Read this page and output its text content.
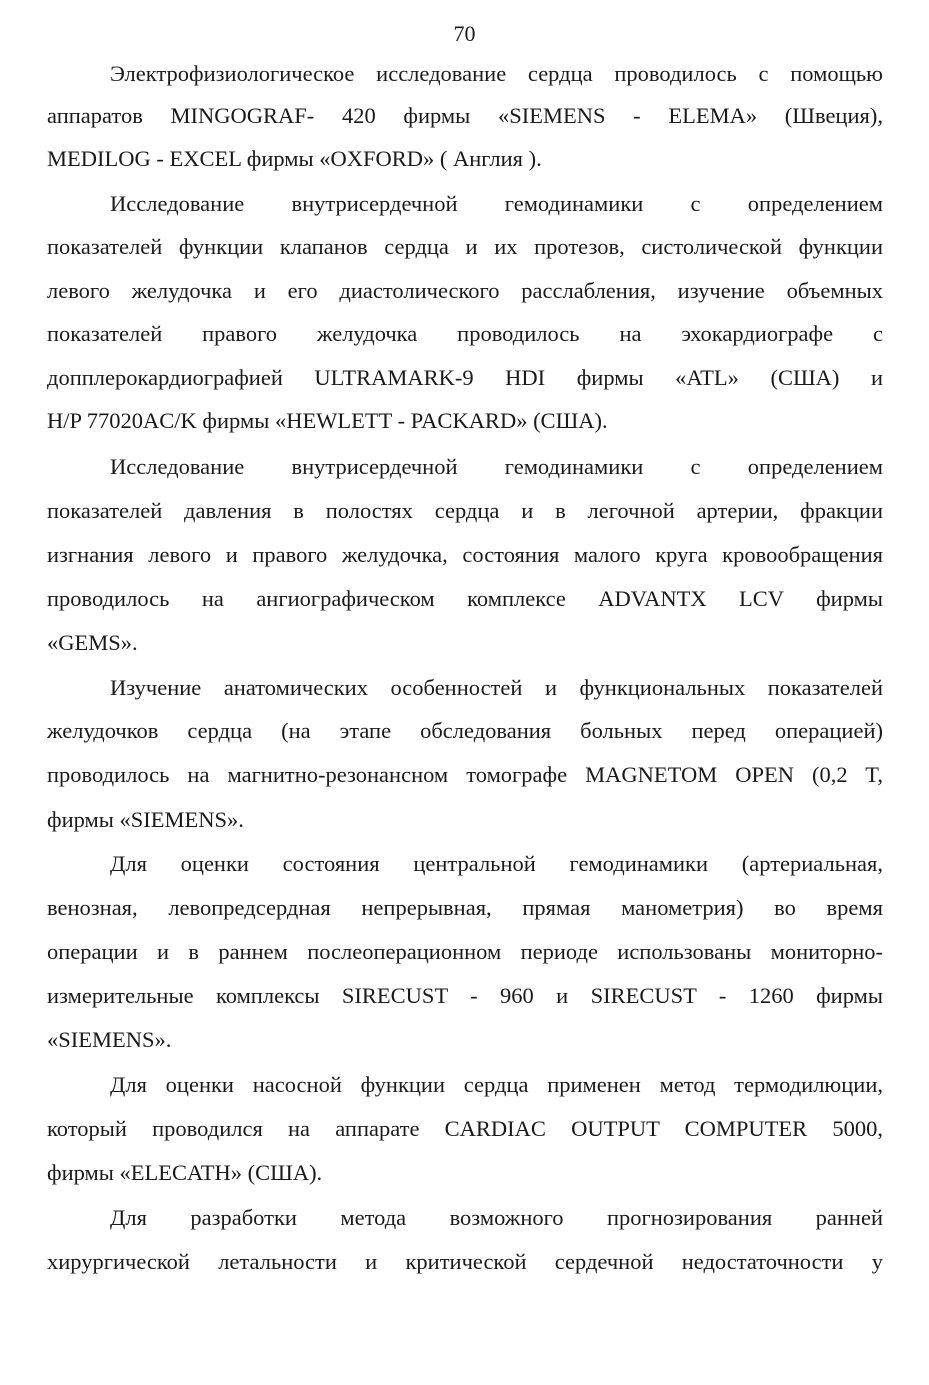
70
Электрофизиологическое исследование сердца проводилось с помощью
аппаратов MINGOGRAF- 420 фирмы «SIEMENS - ELEMA» (Швеция),
MEDILOG - EXCEL фирмы «OXFORD» ( Англия ).
Исследование внутрисердечной гемодинамики с определением
показателей функции клапанов сердца и их протезов, систолической функции
левого желудочка и его диастолического расслабления, изучение объемных
показателей правого желудочка проводилось на эхокардиографе с
допплерокардиографией ULTRAMARK-9 HDI фирмы «ATL» (США) и
H/P 77020AC/K фирмы «HEWLETT - PACKARD» (США).
Исследование внутрисердечной гемодинамики с определением
показателей давления в полостях сердца и в легочной артерии, фракции
изгнания левого и правого желудочка, состояния малого круга кровообращения
проводилось на ангиографическом комплексе ADVANTX LCV фирмы
«GEMS».
Изучение анатомических особенностей и функциональных показателей
желудочков сердца (на этапе обследования больных перед операцией)
проводилось на магнитно-резонансном томографе MAGNETOM OPEN (0,2 T,
фирмы «SIEMENS».
Для оценки состояния центральной гемодинамики (артериальная,
венозная, левопредсердная непрерывная, прямая манометрия) во время
операции и в раннем послеоперационном периоде использованы мониторно-
измерительные комплексы SIRECUST - 960 и SIRECUST - 1260 фирмы
«SIEMENS».
Для оценки насосной функции сердца применен метод термодилюции,
который проводился на аппарате CARDIAC OUTPUT COMPUTER 5000,
фирмы «ELECATH» (США).
Для разработки метода возможного прогнозирования ранней
хирургической летальности и критической сердечной недостаточности у
